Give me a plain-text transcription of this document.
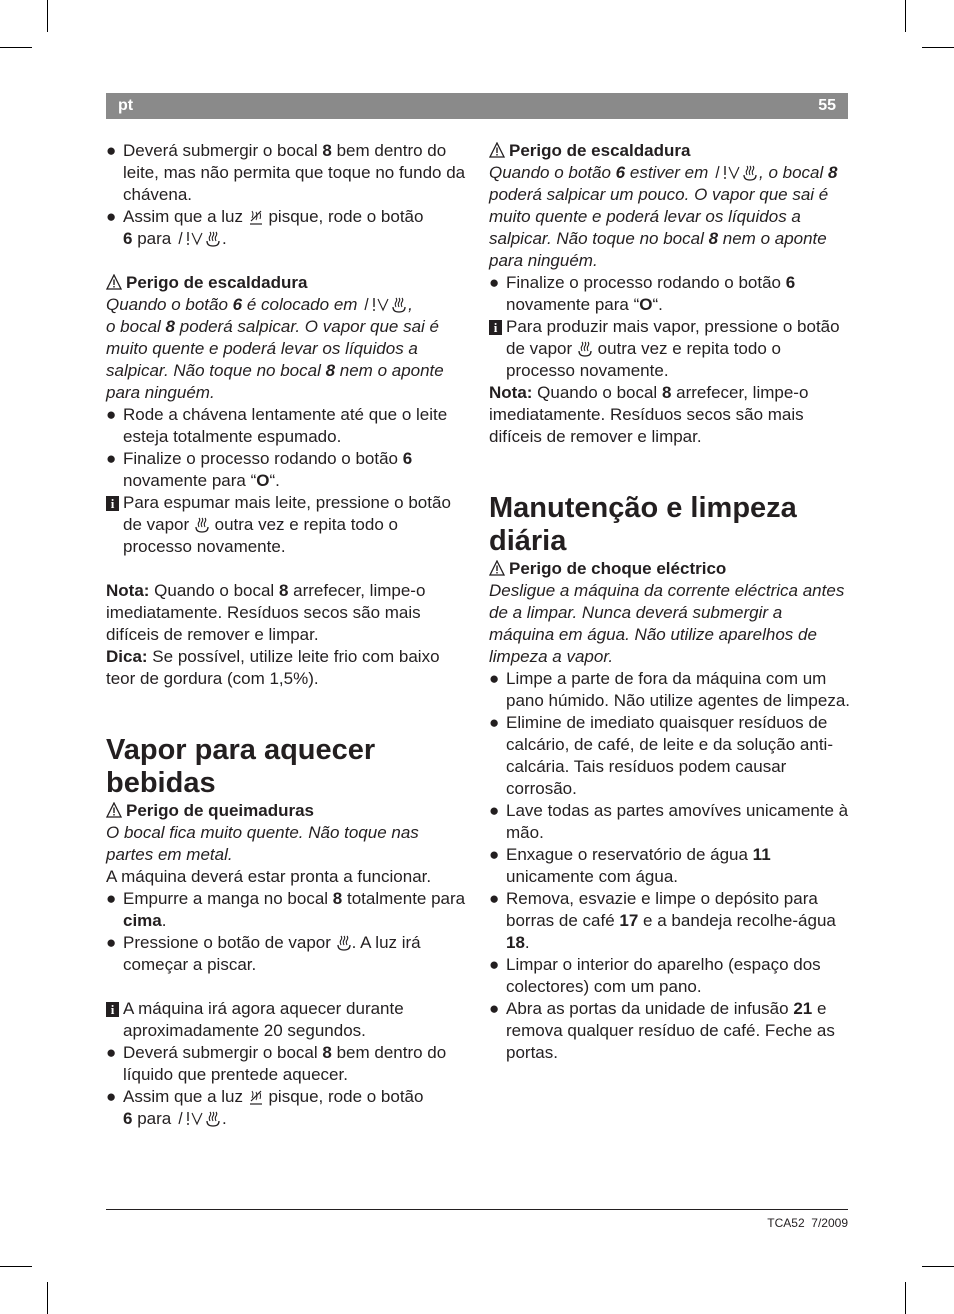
pt	55
● Deverá submergir o bocal 8 bem dentro do leite, mas não permita que toque no fundo da chávena.
● Assim que a luz  pisque, rode o botão
6 para	.

Perigo de escaldadura

Quando o botão 6 é colocado em	,
o bocal 8 poderá salpicar. O vapor que sai é muito quente e poderá levar os líquidos a salpicar. Não toque no bocal 8 nem o aponte para ninguém.

● Rode a chávena lentamente até que o leite esteja totalmente espumado.
● Finalize o processo rodando o botão 6 novamente para “O“.
i Para espumar mais leite, pressione o botão de vapor  outra vez e repita todo o processo novamente.

Nota: Quando o bocal 8 arrefecer, limpe-o imediatamente. Resíduos secos são mais difíceis de remover e limpar.

Dica: Se possível, utilize leite frio com baixo teor de gordura (com 1,5%).

Vapor para aquecer bebidas

Perigo de queimaduras

O bocal fica muito quente. Não toque nas partes em metal.

A máquina deverá estar pronta a funcionar.

● Empurre a manga no bocal 8 totalmente para cima.
● Pressione o botão de vapor . A luz irá começar a piscar.
i A máquina irá agora aquecer durante aproximadamente 20 segundos.
● Deverá submergir o bocal 8 bem dentro do líquido que prentede aquecer.
● Assim que a luz  pisque, rode o botão
6 para	.

Perigo de escaldadura

Quando o botão 6 estiver em	, o bocal 8 poderá salpicar um pouco. O vapor que sai é muito quente e poderá levar os líquidos a salpicar. Não toque no bocal 8 nem o aponte para ninguém.

● Finalize o processo rodando o botão 6 novamente para “O“.
i Para produzir mais vapor, pressione o botão de vapor  outra vez e repita todo o processo novamente.

Nota: Quando o bocal 8 arrefecer, limpe-o imediatamente. Resíduos secos são mais difíceis de remover e limpar.

Manutenção e limpeza diária

Perigo de choque eléctrico

Desligue a máquina da corrente eléctrica antes de a limpar. Nunca deverá submergir a máquina em água. Não utilize aparelhos de limpeza a vapor.

● Limpe a parte de fora da máquina com um pano húmido. Não utilize agentes de limpeza.
● Elimine de imediato quaisquer resíduos de calcário, de café, de leite e da solução anti-calcária. Tais resíduos podem causar corrosão.
● Lave todas as partes amovíves unicamente à mão.
● Enxague o reservatório de água 11 unicamente com água.
● Remova, esvazie e limpe o depósito para borras de café 17 e a bandeja recolhe-água 18.
● Limpar o interior do aparelho (espaço dos colectores) com um pano.
● Abra as portas da unidade de infusão 21 e remova qualquer resíduo de café. Feche as portas.
TCA52 7/2009
